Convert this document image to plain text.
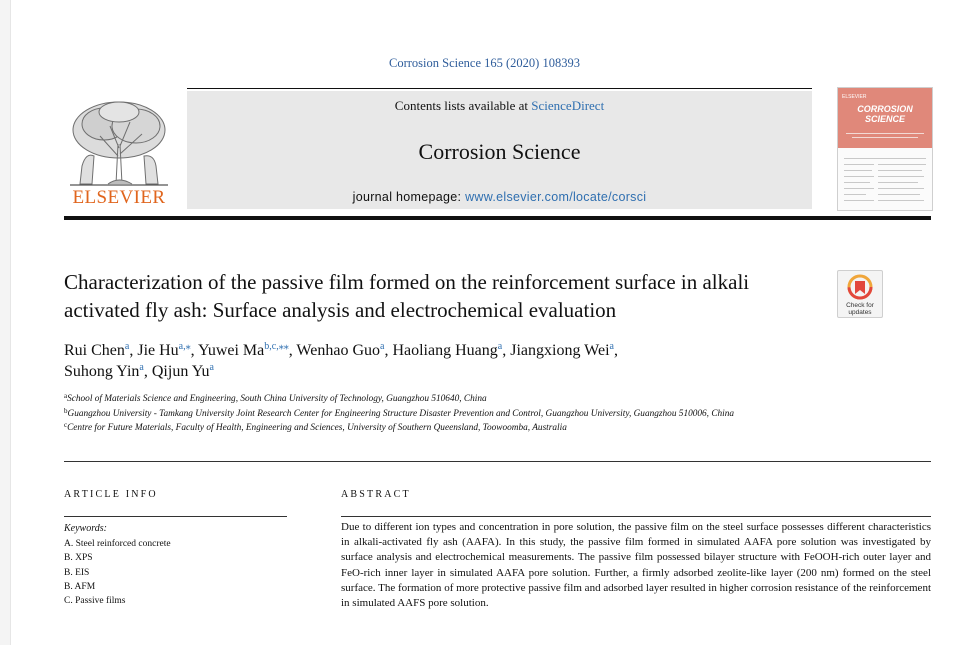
Corrosion Science 165 (2020) 108393
ELSEVIER
Contents lists available at ScienceDirect
Corrosion Science
journal homepage: www.elsevier.com/locate/corsci
ELSEVIER
CORROSION
SCIENCE
Characterization of the passive film formed on the reinforcement surface in alkali activated fly ash: Surface analysis and electrochemical evaluation	Check for
updates
Rui Chen$^a$, Jie $Hu^{a,⁎}$, Yuwei $Ma^{b,c,⁎⁎}$, Wenhao Guo$^a$, Haoliang Huang$^a$, Jiangxiong Wei$^a$,
Suhong Yin$^a$, Qijun Yu$^a$
$^a$School of Materials Science and Engineering, South China University of Technology, Guangzhou 510640, China
$^b$Guangzhou University - Tamkang University Joint Research Center for Engineering Structure Disaster Prevention and Control, Guangzhou University, Guangzhou 510006, China
$^c$Centre for Future Materials, Faculty of Health, Engineering and Sciences, University of Southern Queensland, Toowoomba, Australia
ARTICLE INFO	ABSTRACT
Keywords:
A. Steel reinforced concrete
B. XPS
B. EIS
B. AFM
C. Passive films

Due to different ion types and concentration in pore solution, the passive film on the steel surface possesses different characteristics in alkali-activated fly ash (AAFA). In this study, the passive film formed in simulated AAFA pore solution was investigated by surface analysis and electrochemical measurements. The passive film possessed bilayer structure with FeOOH-rich outer layer and FeO-rich inner layer in simulated AAFA pore solution. Further, a firmly adsorbed zeolite-like layer (200 nm) formed on the steel surface. The formation of more protective passive film and adsorbed layer resulted in higher corrosion resistance of the reinforcement in simulated AAFS pore solution.
